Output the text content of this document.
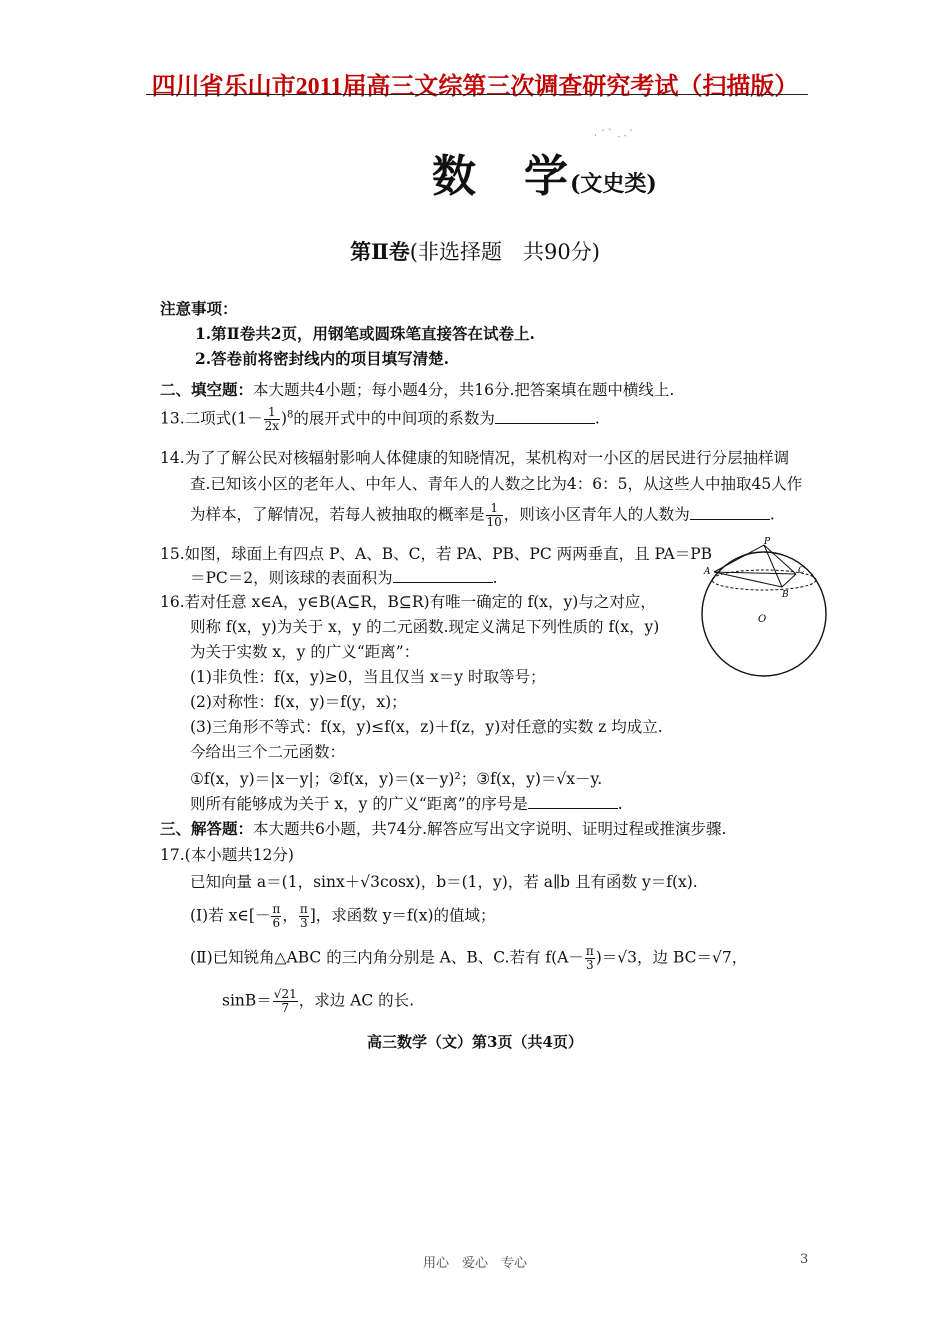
四川省乐山市2011届高三文综第三次调查研究考试（扫描版）
· ˊ ˋ ˎ ˏ ·
数　学(文史类)
第Ⅱ卷(非选择题　共90分)
注意事项：
1.第Ⅱ卷共2页，用钢笔或圆珠笔直接答在试卷上.
2.答卷前将密封线内的项目填写清楚.
二、填空题：本大题共4小题；每小题4分，共16分.把答案填在题中横线上.
13.二项式$(1- \frac{1}{2x} )^8$的展开式中的中间项的系数为	.
14.为了了解公民对核辐射影响人体健康的知晓情况，某机构对一小区的居民进行分层抽样调
查.已知该小区的老年人、中年人、青年人的人数之比为4：6：5，从这些人中抽取45人作
为样本，了解情况，若每人被抽取的概率是 $\frac{1}{10}$ ，则该小区青年人的人数为	.
15.如图，球面上有四点 P、A、B、C，若 PA、PB、PC 两两垂直，且 PA＝PB
＝PC＝2，则该球的表面积为	.
P
A	C
B
O
16.若对任意 x∈A，y∈B(A⊆R，B⊆R)有唯一确定的 f(x，y)与之对应，
则称 f(x，y)为关于 x，y 的二元函数.现定义满足下列性质的 f(x，y)
为关于实数 x，y 的广义“距离”：
(1)非负性：f(x，y)≥0，当且仅当 x＝y 时取等号；
(2)对称性：f(x，y)＝f(y，x)；
(3)三角形不等式：f(x，y)≤f(x，z)＋f(z，y)对任意的实数 z 均成立.
今给出三个二元函数：
①f(x，y)＝|x－y|；②f(x，y)＝(x－y)²；③f(x，y)＝√x－y.
则所有能够成为关于 x，y 的广义“距离”的序号是	.
三、解答题：本大题共6小题，共74分.解答应写出文字说明、证明过程或推演步骤.
17.(本小题共12分)
已知向量 a＝(1，sinx＋√3cosx)，b＝(1，y)，若 a∥b 且有函数 y＝f(x).
(Ⅰ)若 x∈[－ $\frac{\pi}{6}$ ， $\frac{\pi}{3}$ ]，求函数 y＝f(x)的值域；
(Ⅱ)已知锐角△ABC 的三内角分别是 A、B、C.若有 $f(A- \frac{\pi}{3} )=√3$，边 BC＝√7，
$\sin B= \frac{√21}{7}$ ，求边 AC 的长.
高三数学（文）第3页（共4页）
用心　爱心　专心	3
